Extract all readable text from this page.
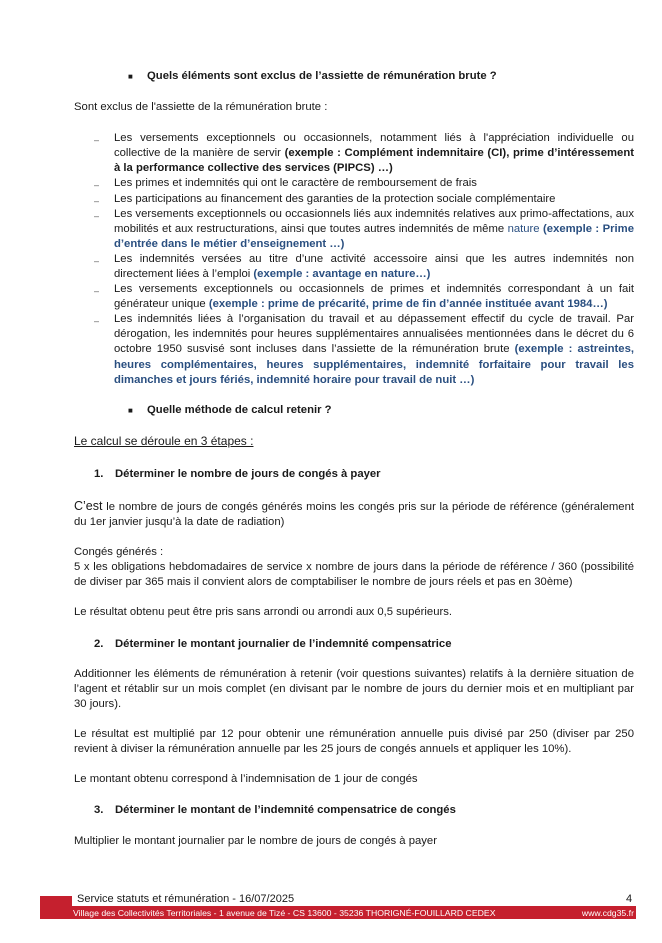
■ Quels éléments sont exclus de l’assiette de rémunération brute ?
Sont exclus de l'assiette de la rémunération brute :
– Les versements exceptionnels ou occasionnels, notamment liés à l'appréciation individuelle ou collective de la manière de servir (exemple : Complément indemnitaire (CI), prime d’intéressement à la performance collective des services (PIPCS) …)
– Les primes et indemnités qui ont le caractère de remboursement de frais
– Les participations au financement des garanties de la protection sociale complémentaire
– Les versements exceptionnels ou occasionnels liés aux indemnités relatives aux primo-affectations, aux mobilités et aux restructurations, ainsi que toutes autres indemnités de même nature (exemple : Prime d’entrée dans le métier d’enseignement …)
– Les indemnités versées au titre d’une activité accessoire ainsi que les autres indemnités non directement liées à l’emploi (exemple : avantage en nature…)
– Les versements exceptionnels ou occasionnels de primes et indemnités correspondant à un fait générateur unique (exemple : prime de précarité, prime de fin d’année instituée avant 1984…)
– Les indemnités liées à l’organisation du travail et au dépassement effectif du cycle de travail. Par dérogation, les indemnités pour heures supplémentaires annualisées mentionnées dans le décret du 6 octobre 1950 susvisé sont incluses dans l’assiette de la rémunération brute (exemple : astreintes, heures complémentaires, heures supplémentaires, indemnité forfaitaire pour travail les dimanches et jours fériés, indemnité horaire pour travail de nuit …)
■ Quelle méthode de calcul retenir ?
Le calcul se déroule en 3 étapes :
1. Déterminer le nombre de jours de congés à payer
C’est le nombre de jours de congés générés moins les congés pris sur la période de référence (généralement du 1er janvier jusqu’à la date de radiation)
Congés générés :
5 x les obligations hebdomadaires de service x nombre de jours dans la période de référence / 360 (possibilité de diviser par 365 mais il convient alors de comptabiliser le nombre de jours réels et pas en 30ème)
Le résultat obtenu peut être pris sans arrondi ou arrondi aux 0,5 supérieurs.
2. Déterminer le montant journalier de l’indemnité compensatrice
Additionner les éléments de rémunération à retenir (voir questions suivantes) relatifs à la dernière situation de l’agent et rétablir sur un mois complet (en divisant par le nombre de jours du dernier mois et en multipliant par 30 jours).
Le résultat est multiplié par 12 pour obtenir une rémunération annuelle puis divisé par 250 (diviser par 250 revient à diviser la rémunération annuelle par les 25 jours de congés annuels et appliquer les 10%).
Le montant obtenu correspond à l’indemnisation de 1 jour de congés
3. Déterminer le montant de l’indemnité compensatrice de congés
Multiplier le montant journalier par le nombre de jours de congés à payer
Service statuts et rémunération - 16/07/2025	4
Village des Collectivités Territoriales - 1 avenue de Tizé - CS 13600 - 35236 THORIGNÉ-FOUILLARD CEDEX	www.cdg35.fr
